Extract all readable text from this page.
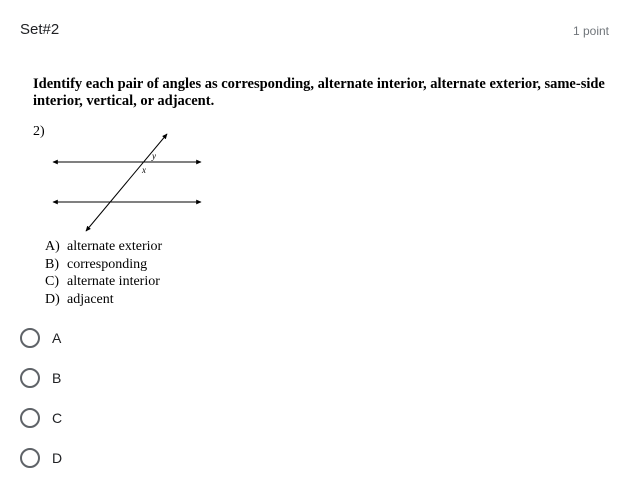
Set#2	1 point
Identify each pair of angles as corresponding, alternate interior, alternate exterior, same-side interior, vertical, or adjacent.
2)
y
x
A) alternate exterior
B) corresponding
C) alternate interior
D) adjacent
A
B
C
D
